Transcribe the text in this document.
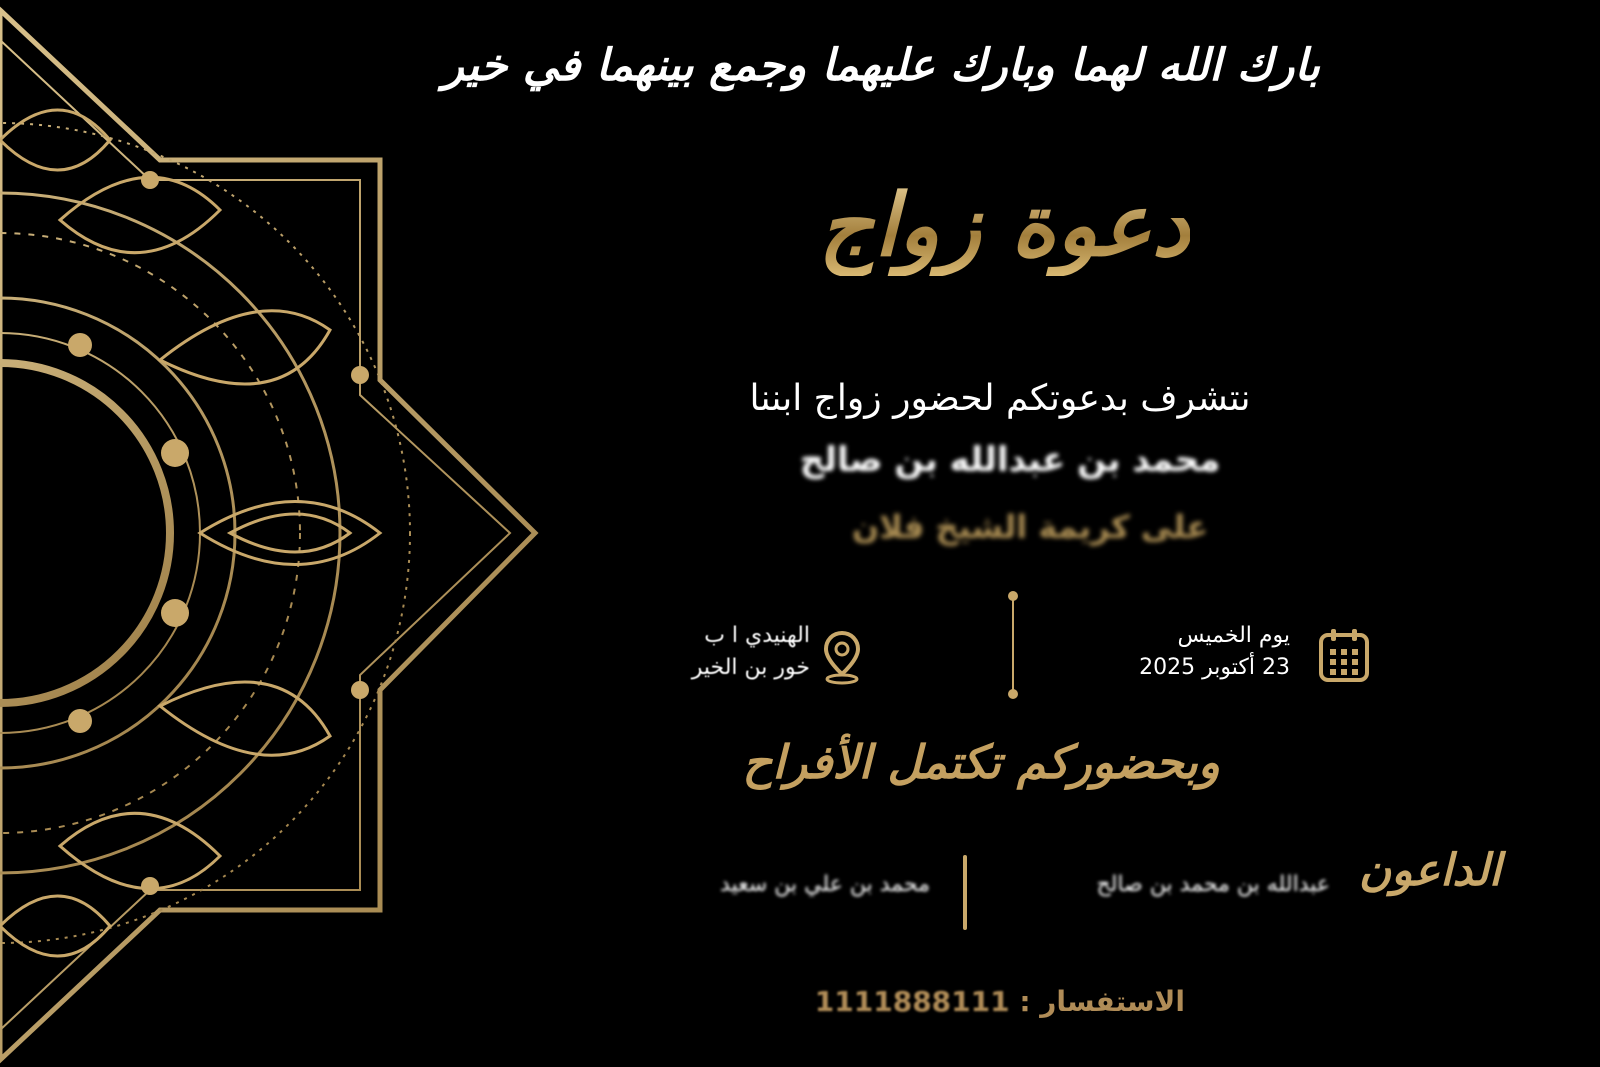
بارك الله لهما وبارك عليهما وجمع بينهما في خير
دعوة زواج
نتشرف بدعوتكم لحضور زواج ابننا
محمد بن عبدالله بن صالح
على كريمة الشيخ فلان
يوم الخميس
23 أكتوبر 2025
الهنيدي ا ب
خور بن الخير
وبحضوركم تكتمل الأفراح
الداعون
عبدالله بن محمد بن صالح
محمد بن علي بن سعيد
الاستفسار : 1111888111
